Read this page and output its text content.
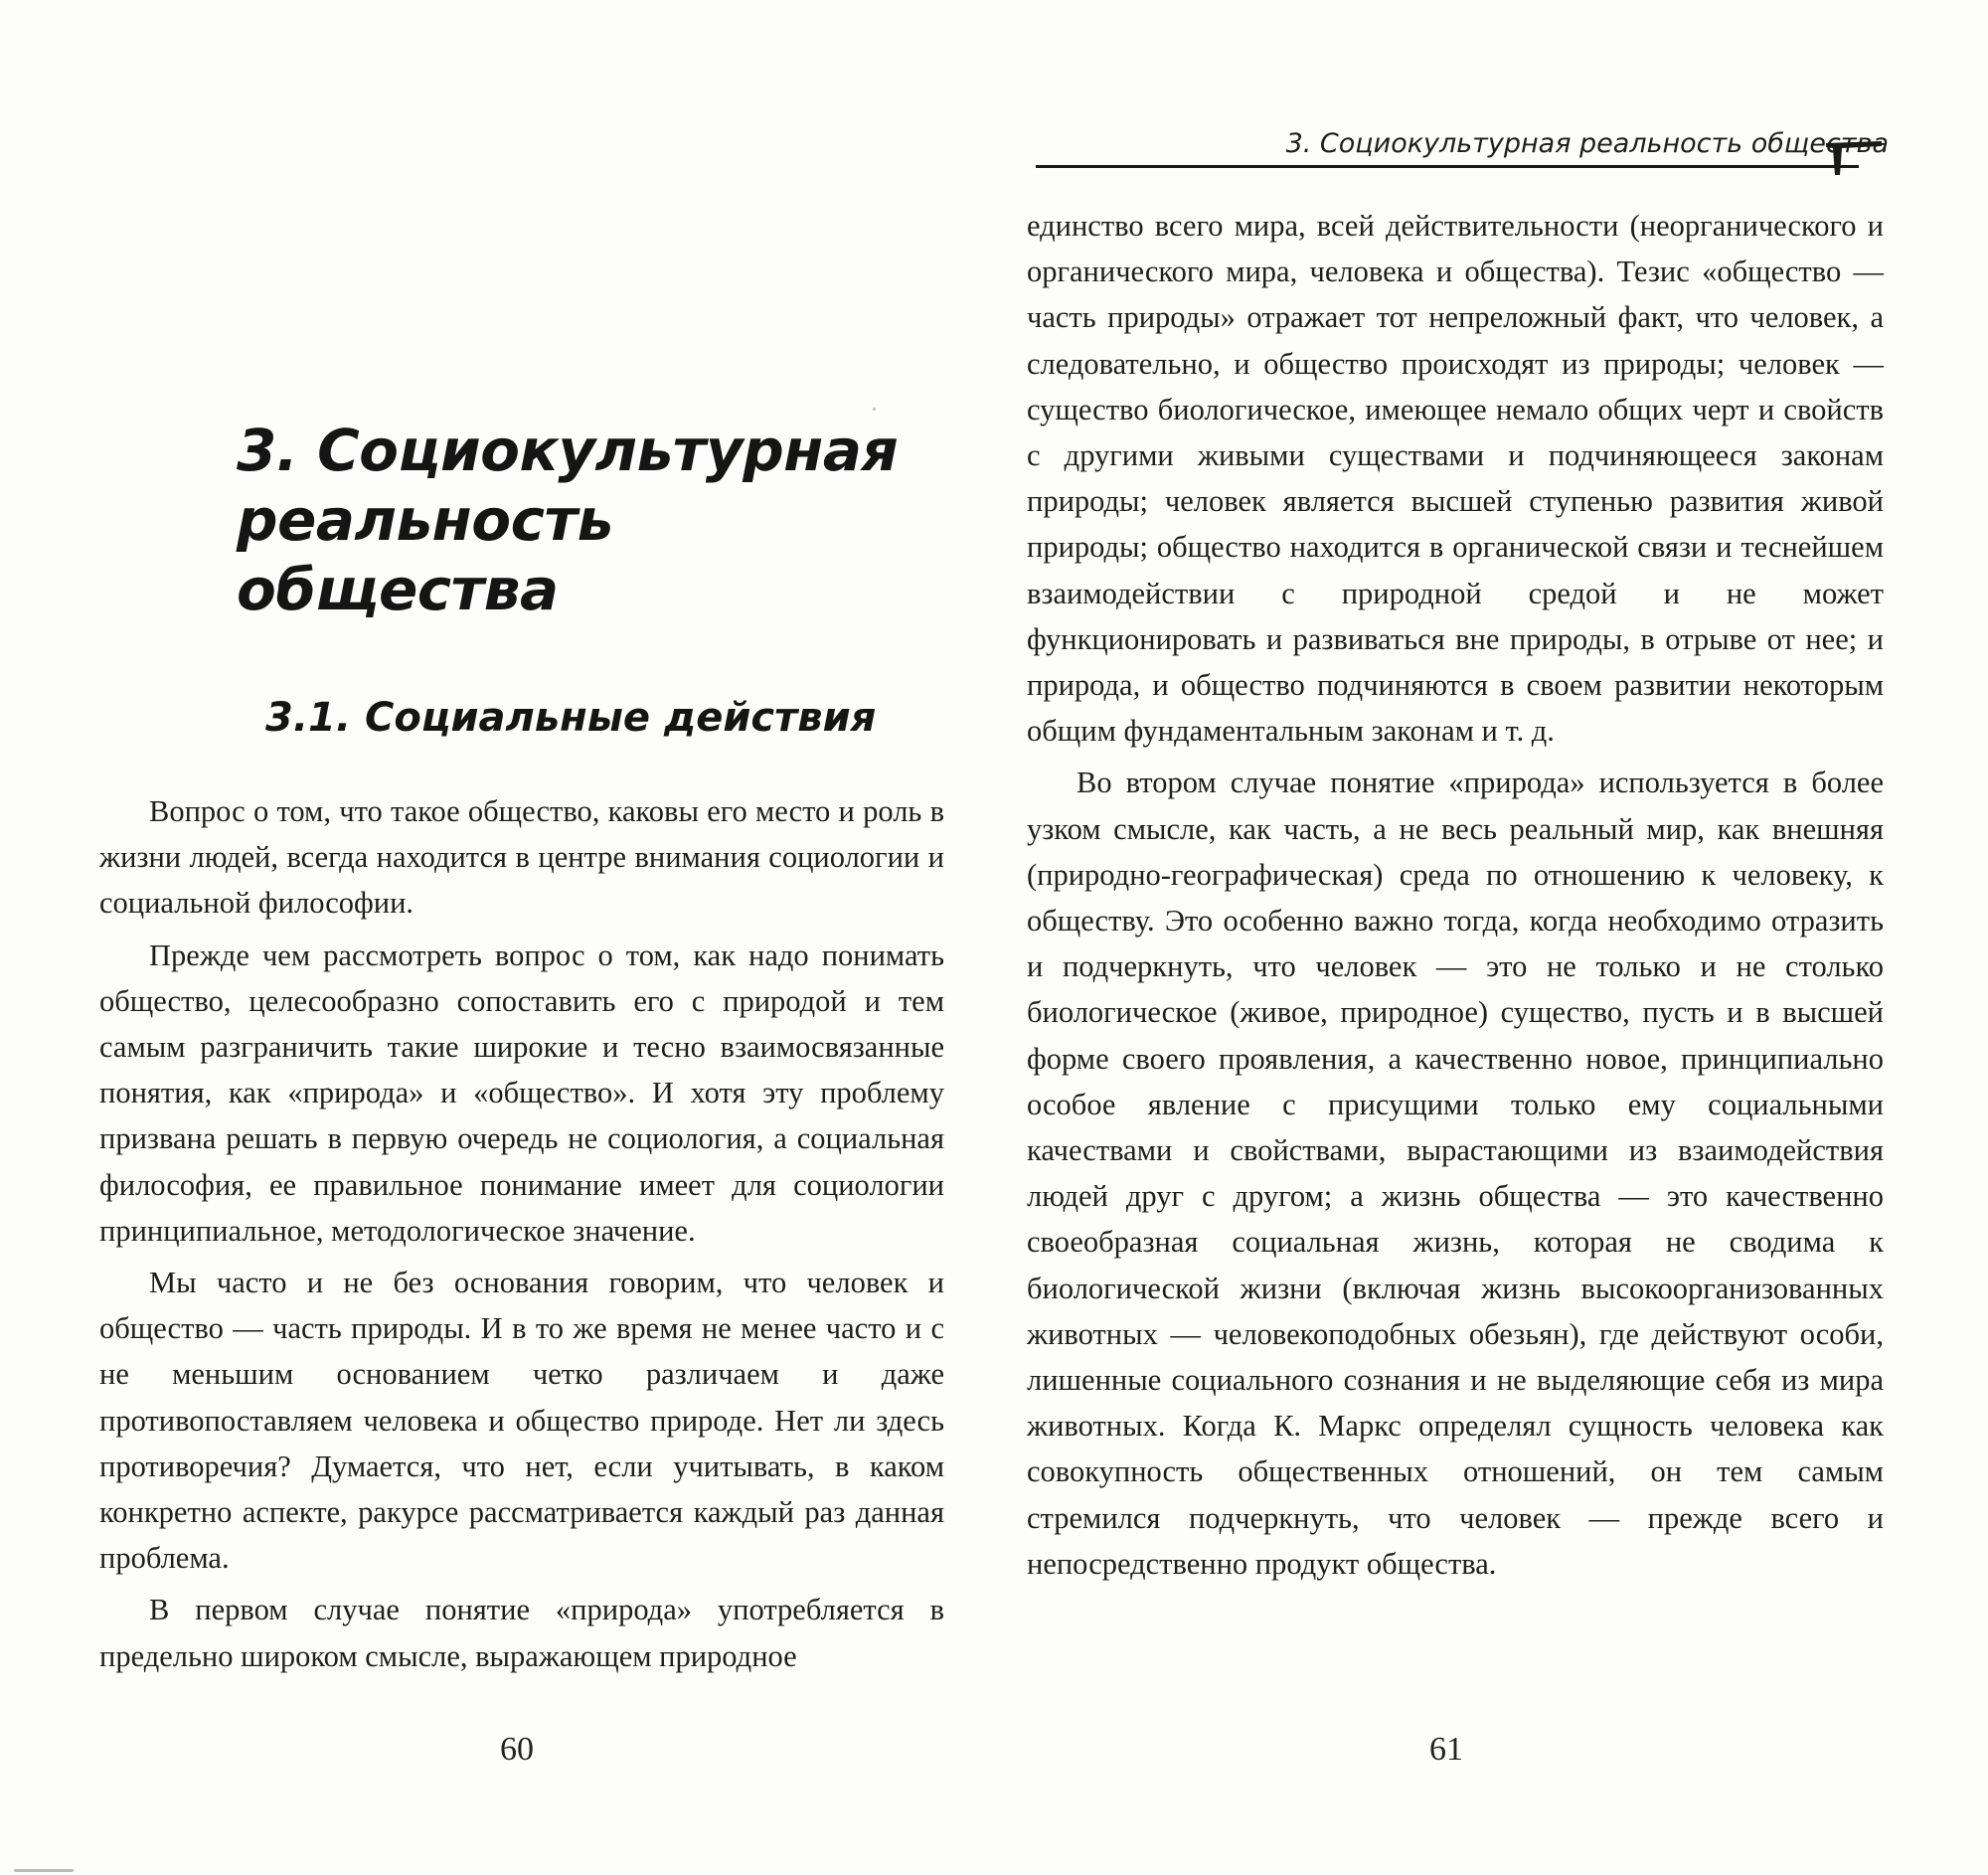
3. Социокультурная
реальность общества
3.1. Социальные действия

Вопрос о том, что такое общество, каковы его место и роль в жизни людей, всегда находится в центре внимания социологии и социальной философии.

Прежде чем рассмотреть вопрос о том, как надо понимать общество, целесообразно сопоставить его с природой и тем самым разграничить такие широкие и тесно взаимосвязанные понятия, как «природа» и «общество». И хотя эту проблему призвана решать в первую очередь не социология, а социальная философия, ее правильное понимание имеет для социологии принципиальное, методологическое значение.

Мы часто и не без основания говорим, что человек и общество — часть природы. И в то же время не менее часто и с не меньшим основанием четко различаем и даже противопоставляем человека и общество природе. Нет ли здесь противоречия? Думается, что нет, если учитывать, в каком конкретно аспекте, ракурсе рассматривается каждый раз данная проблема.

В первом случае понятие «природа» употребляется в предельно широком смысле, выражающем природное

60
3. Социокультурная реальность общества

единство всего мира, всей действительности (неорганического и органического мира, человека и общества). Тезис «общество — часть природы» отражает тот непреложный факт, что человек, а следовательно, и общество происходят из природы; человек — существо биологическое, имеющее немало общих черт и свойств с другими живыми существами и подчиняющееся законам природы; человек является высшей ступенью развития живой природы; общество находится в органической связи и теснейшем взаимодействии с природной средой и не может функционировать и развиваться вне природы, в отрыве от нее; и природа, и общество подчиняются в своем развитии некоторым общим фундаментальным законам и т. д.

Во втором случае понятие «природа» используется в более узком смысле, как часть, а не весь реальный мир, как внешняя (природно-географическая) среда по отношению к человеку, к обществу. Это особенно важно тогда, когда необходимо отразить и подчеркнуть, что человек — это не только и не столько биологическое (живое, природное) существо, пусть и в высшей форме своего проявления, а качественно новое, принципиально особое явление с присущими только ему социальными качествами и свойствами, вырастающими из взаимодействия людей друг с другом; а жизнь общества — это качественно своеобразная социальная жизнь, которая не сводима к биологической жизни (включая жизнь высокоорганизованных животных — человекоподобных обезьян), где действуют особи, лишенные социального сознания и не выделяющие себя из мира животных. Когда К. Маркс определял сущность человека как совокупность общественных отношений, он тем самым стремился подчеркнуть, что человек — прежде всего и непосредственно продукт общества.

61
